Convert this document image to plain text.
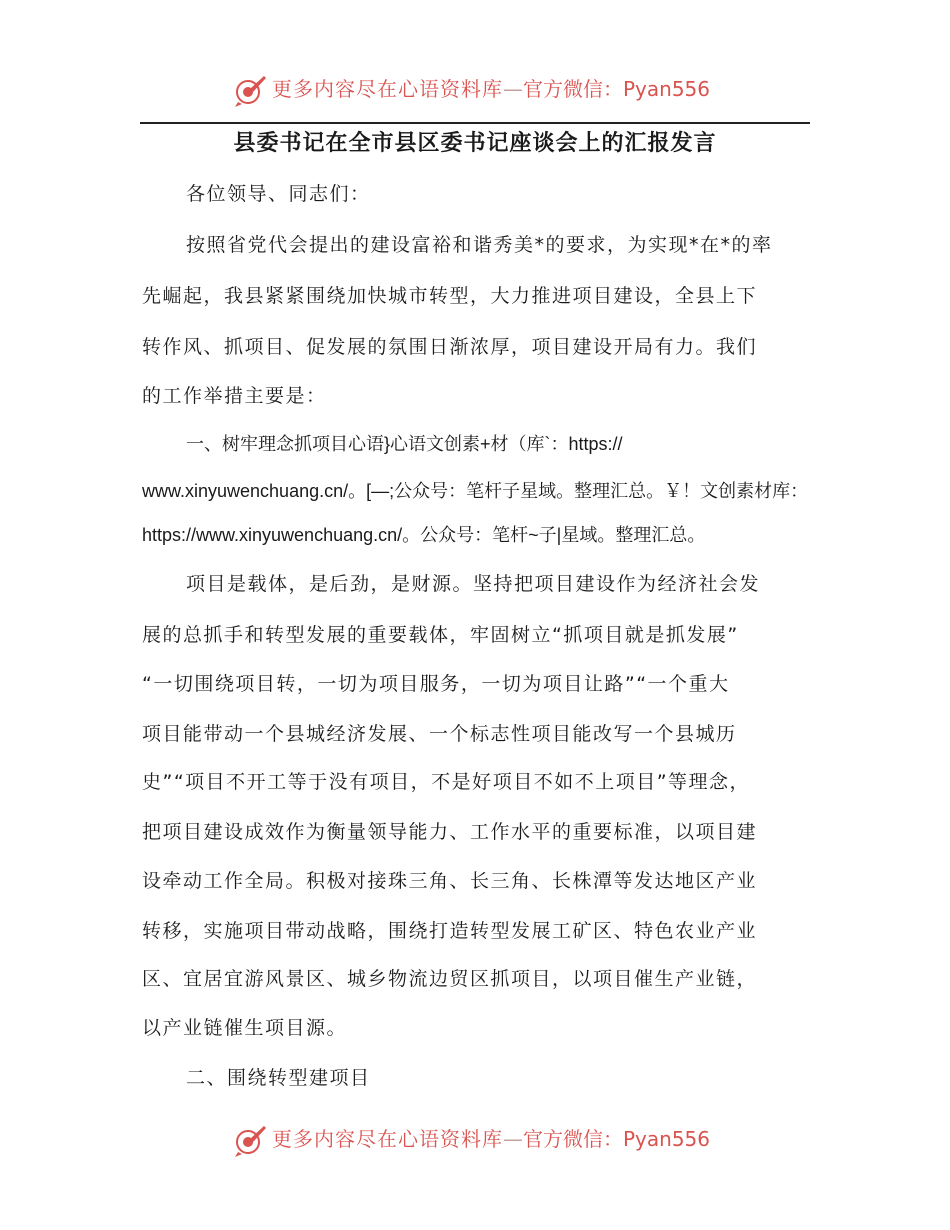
更多内容尽在心语资料库—官方微信：Pyan556
县委书记在全市县区委书记座谈会上的汇报发言
各位领导、同志们：
按照省党代会提出的建设富裕和谐秀美*的要求，为实现*在*的率
先崛起，我县紧紧围绕加快城市转型，大力推进项目建设，全县上下
转作风、抓项目、促发展的氛围日渐浓厚，项目建设开局有力。我们
的工作举措主要是：
一、树牢理念抓项目心语}心语文创素+材（库`：https://
www.xinyuwenchuang.cn/。[—;公众号：笔杆子星域。整理汇总。￥！文创素材库：
https://www.xinyuwenchuang.cn/。公众号：笔杆~子|星域。整理汇总。
项目是载体，是后劲，是财源。坚持把项目建设作为经济社会发
展的总抓手和转型发展的重要载体，牢固树立“抓项目就是抓发展”
“一切围绕项目转，一切为项目服务，一切为项目让路”“一个重大
项目能带动一个县城经济发展、一个标志性项目能改写一个县城历
史”“项目不开工等于没有项目，不是好项目不如不上项目”等理念，
把项目建设成效作为衡量领导能力、工作水平的重要标准，以项目建
设牵动工作全局。积极对接珠三角、长三角、长株潭等发达地区产业
转移，实施项目带动战略，围绕打造转型发展工矿区、特色农业产业
区、宜居宜游风景区、城乡物流边贸区抓项目，以项目催生产业链，
以产业链催生项目源。
二、围绕转型建项目
更多内容尽在心语资料库—官方微信：Pyan556
